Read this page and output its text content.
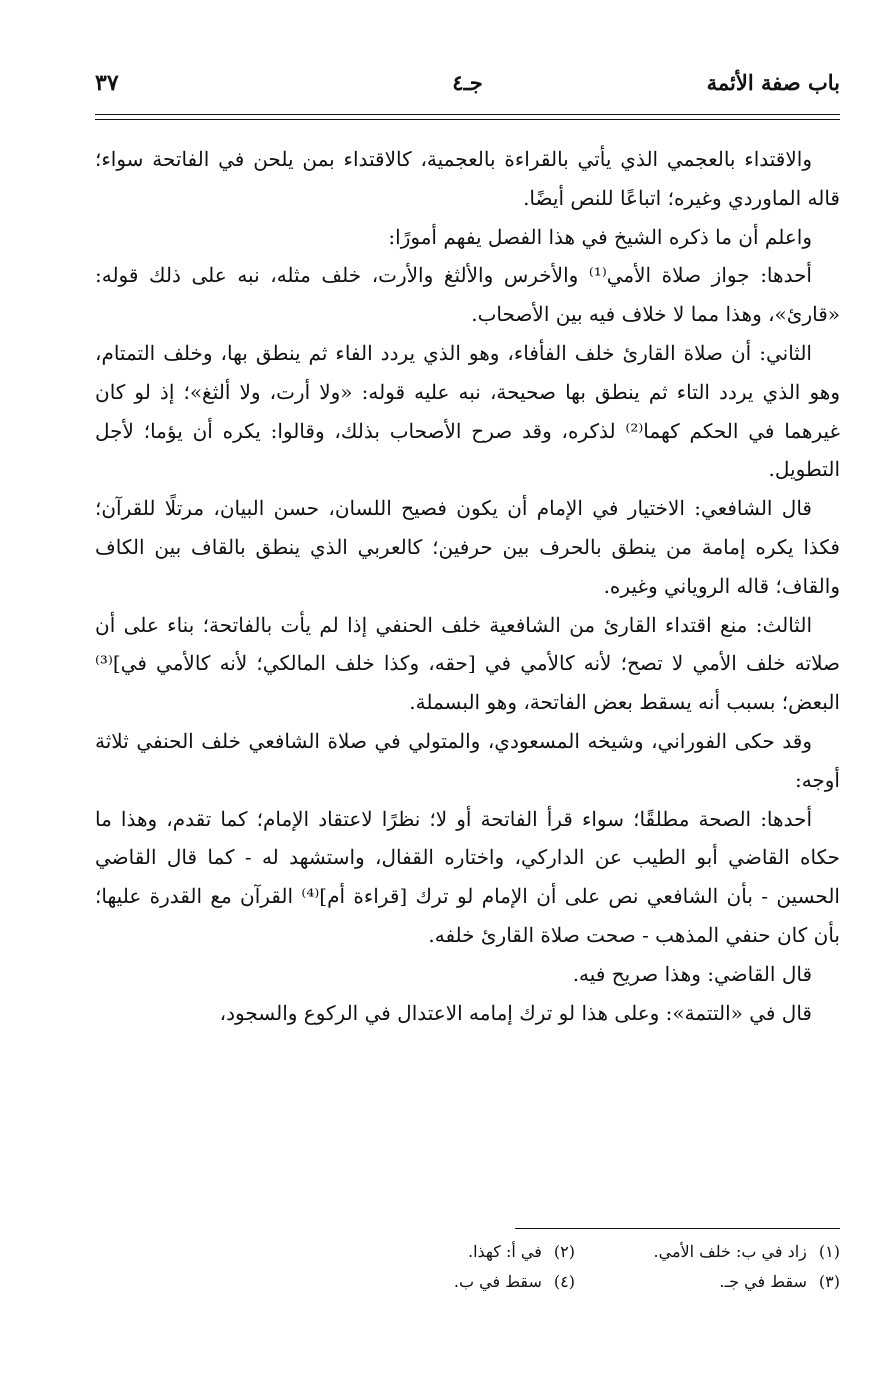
باب صفة الأئمة
جـ٤
٣٧

والاقتداء بالعجمي الذي يأتي بالقراءة بالعجمية، كالاقتداء بمن يلحن في الفاتحة سواء؛ قاله الماوردي وغيره؛ اتباعًا للنص أيضًا.

واعلم أن ما ذكره الشيخ في هذا الفصل يفهم أمورًا:

أحدها: جواز صلاة الأمي⁽¹⁾ والأخرس والألثغ والأرت، خلف مثله، نبه على ذلك قوله: «قارئ»، وهذا مما لا خلاف فيه بين الأصحاب.

الثاني: أن صلاة القارئ خلف الفأفاء، وهو الذي يردد الفاء ثم ينطق بها، وخلف التمتام، وهو الذي يردد التاء ثم ينطق بها صحيحة، نبه عليه قوله: «ولا أرت، ولا ألثغ»؛ إذ لو كان غيرهما في الحكم كهما⁽²⁾ لذكره، وقد صرح الأصحاب بذلك، وقالوا: يكره أن يؤما؛ لأجل التطويل.

قال الشافعي: الاختيار في الإمام أن يكون فصيح اللسان، حسن البيان، مرتلًا للقرآن؛ فكذا يكره إمامة من ينطق بالحرف بين حرفين؛ كالعربي الذي ينطق بالقاف بين الكاف والقاف؛ قاله الروياني وغيره.

الثالث: منع اقتداء القارئ من الشافعية خلف الحنفي إذا لم يأت بالفاتحة؛ بناء على أن صلاته خلف الأمي لا تصح؛ لأنه كالأمي في [حقه، وكذا خلف المالكي؛ لأنه كالأمي في]⁽³⁾ البعض؛ بسبب أنه يسقط بعض الفاتحة، وهو البسملة.

وقد حكى الفوراني، وشيخه المسعودي، والمتولي في صلاة الشافعي خلف الحنفي ثلاثة أوجه:

أحدها: الصحة مطلقًا؛ سواء قرأ الفاتحة أو لا؛ نظرًا لاعتقاد الإمام؛ كما تقدم، وهذا ما حكاه القاضي أبو الطيب عن الداركي، واختاره القفال، واستشهد له - كما قال القاضي الحسين - بأن الشافعي نص على أن الإمام لو ترك [قراءة أم]⁽⁴⁾ القرآن مع القدرة عليها؛ بأن كان حنفي المذهب - صحت صلاة القارئ خلفه.

قال القاضي: وهذا صريح فيه.

قال في «التتمة»: وعلى هذا لو ترك إمامه الاعتدال في الركوع والسجود،

(١)زاد في ب: خلف الأمي.
(٢)في أ: كهذا.
(٣)سقط في جـ.
(٤)سقط في ب.
